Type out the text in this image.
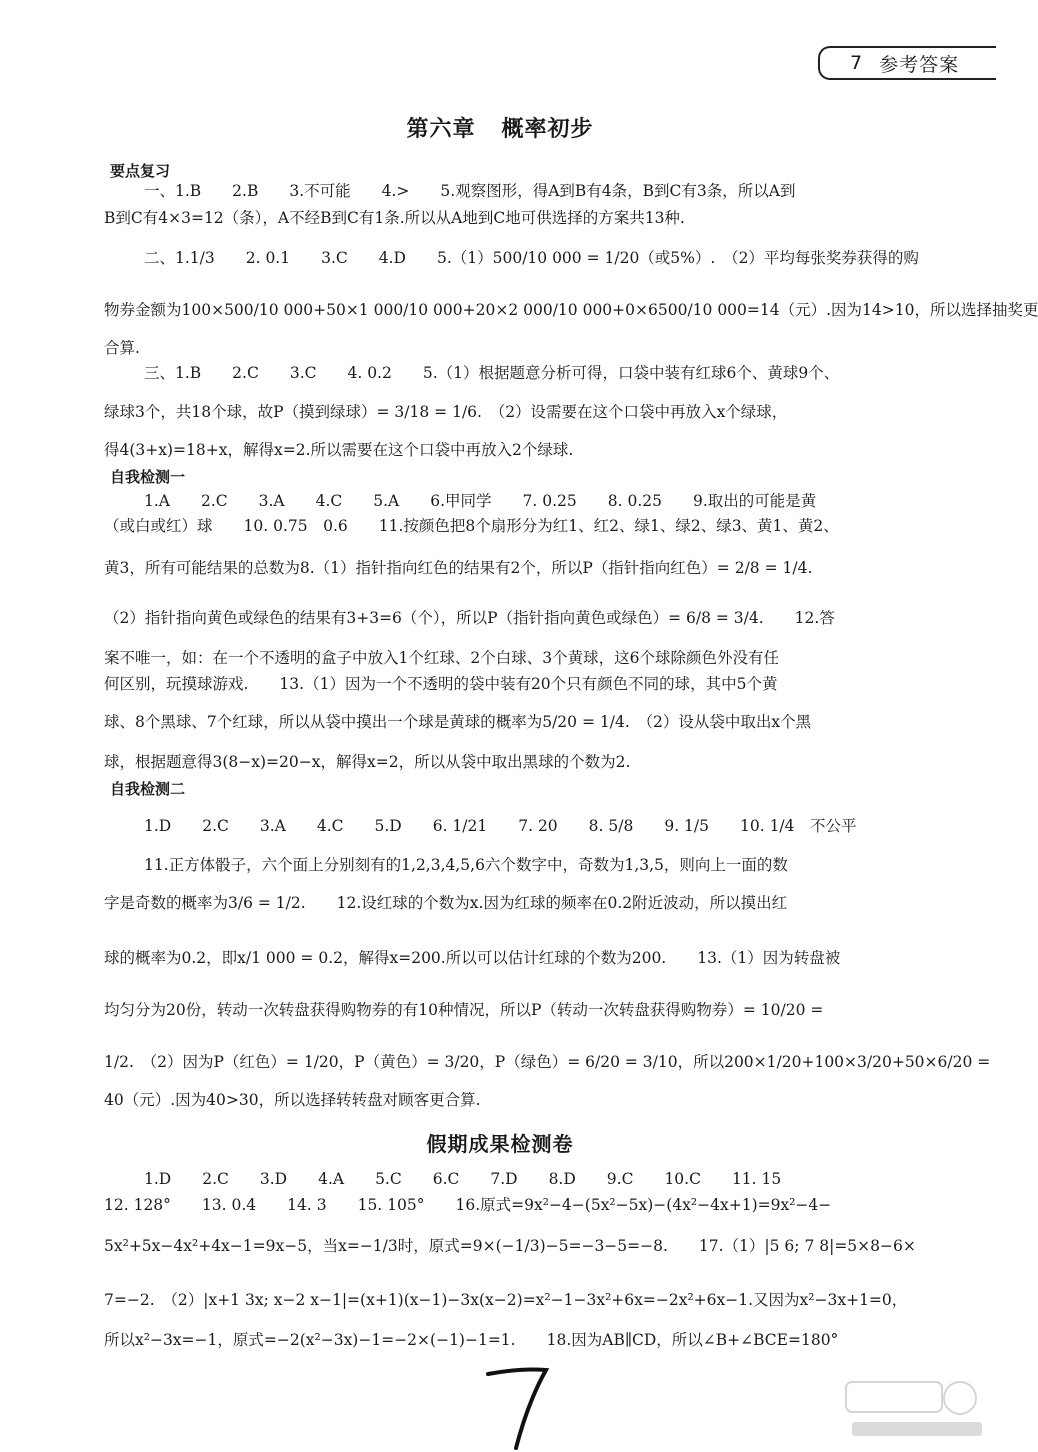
7 参考答案
第六章 概率初步
要点复习
一、1.B　　2.B　　3.不可能　　4.>　　5.观察图形，得A到B有4条，B到C有3条，所以A到
B到C有4×3=12（条），A不经B到C有1条.所以从A地到C地可供选择的方案共13种.
二、1.1/3　　2. 0.1　　3.C　　4.D　　5.（1）500/10 000 = 1/20（或5%）.　（2）平均每张奖券获得的购
物券金额为100×500/10 000+50×1 000/10 000+20×2 000/10 000+0×6500/10 000=14（元）.因为14>10，所以选择抽奖更
合算.
三、1.B　　2.C　　3.C　　4. 0.2　　5.（1）根据题意分析可得，口袋中装有红球6个、黄球9个、
绿球3个，共18个球，故P（摸到绿球）= 3/18 = 1/6.　（2）设需要在这个口袋中再放入x个绿球，
得4(3+x)=18+x，解得x=2.所以需要在这个口袋中再放入2个绿球.
自我检测一
1.A　　2.C　　3.A　　4.C　　5.A　　6.甲同学　　7. 0.25　　8. 0.25　　9.取出的可能是黄
（或白或红）球　　10. 0.75　0.6　　11.按颜色把8个扇形分为红1、红2、绿1、绿2、绿3、黄1、黄2、
黄3，所有可能结果的总数为8.（1）指针指向红色的结果有2个，所以P（指针指向红色）= 2/8 = 1/4.
（2）指针指向黄色或绿色的结果有3+3=6（个），所以P（指针指向黄色或绿色）= 6/8 = 3/4.　　12.答
案不唯一，如：在一个不透明的盒子中放入1个红球、2个白球、3个黄球，这6个球除颜色外没有任
何区别，玩摸球游戏.　　13.（1）因为一个不透明的袋中装有20个只有颜色不同的球，其中5个黄
球、8个黑球、7个红球，所以从袋中摸出一个球是黄球的概率为5/20 = 1/4.　（2）设从袋中取出x个黑
球，根据题意得3(8−x)=20−x，解得x=2，所以从袋中取出黑球的个数为2.
自我检测二
1.D　　2.C　　3.A　　4.C　　5.D　　6. 1/21　　7. 20　　8. 5/8　　9. 1/5　　10. 1/4　不公平
11.正方体骰子，六个面上分别刻有的1,2,3,4,5,6六个数字中，奇数为1,3,5，则向上一面的数
字是奇数的概率为3/6 = 1/2.　　12.设红球的个数为x.因为红球的频率在0.2附近波动，所以摸出红
球的概率为0.2，即x/1 000 = 0.2，解得x=200.所以可以估计红球的个数为200.　　13.（1）因为转盘被
均匀分为20份，转动一次转盘获得购物券的有10种情况，所以P（转动一次转盘获得购物券）= 10/20 =
1/2.　（2）因为P（红色）= 1/20，P（黄色）= 3/20，P（绿色）= 6/20 = 3/10，所以200×1/20+100×3/20+50×6/20 =
40（元）.因为40>30，所以选择转转盘对顾客更合算.
假期成果检测卷
1.D　　2.C　　3.D　　4.A　　5.C　　6.C　　7.D　　8.D　　9.C　　10.C　　11. 15
12. 128°　　13. 0.4　　14. 3　　15. 105°　　16.原式=9x²−4−(5x²−5x)−(4x²−4x+1)=9x²−4−
5x²+5x−4x²+4x−1=9x−5，当x=−1/3时，原式=9×(−1/3)−5=−3−5=−8.　　17.（1）|5 6; 7 8|=5×8−6×
7=−2.　（2）|x+1 3x; x−2 x−1|=(x+1)(x−1)−3x(x−2)=x²−1−3x²+6x=−2x²+6x−1.又因为x²−3x+1=0，
所以x²−3x=−1，原式=−2(x²−3x)−1=−2×(−1)−1=1.　　18.因为AB∥CD，所以∠B+∠BCE=180°
